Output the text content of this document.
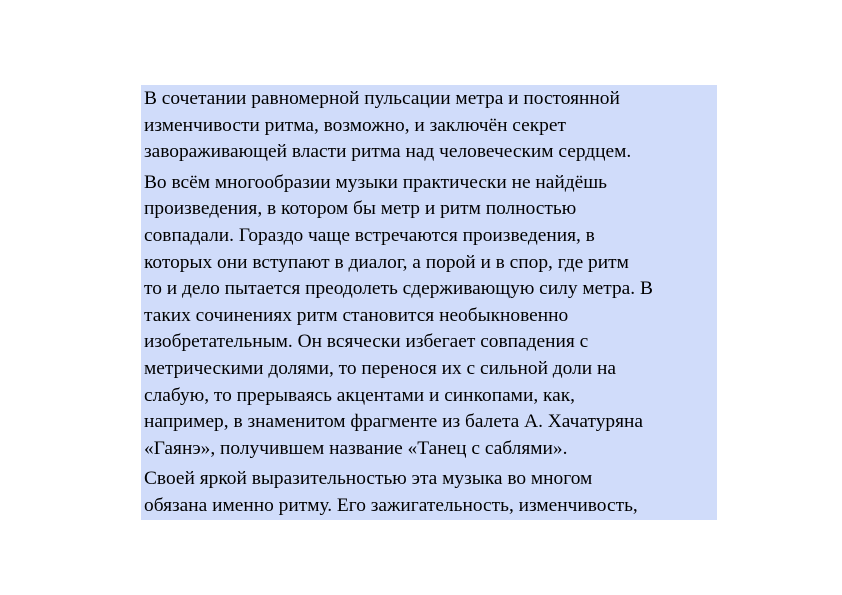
В сочетании равномерной пульсации метра и постоянной
изменчивости ритма, возможно, и заключён секрет
завораживающей власти ритма над человеческим сердцем.

Во всём многообразии музыки практически не найдёшь
произведения, в котором бы метр и ритм полностью
совпадали. Гораздо чаще встречаются произведения, в
которых они вступают в диалог, а порой и в спор, где ритм
то и дело пытается преодолеть сдерживающую силу метра. В
таких сочинениях ритм становится необыкновенно
изобретательным. Он всячески избегает совпадения с
метрическими долями, то перенося их с сильной доли на
слабую, то прерываясь акцентами и синкопами, как,
например, в знаменитом фрагменте из балета А. Хачатуряна
«Гаянэ», получившем название «Танец с саблями».

Своей яркой выразительностью эта музыка во многом
обязана именно ритму. Его зажигательность, изменчивость,
